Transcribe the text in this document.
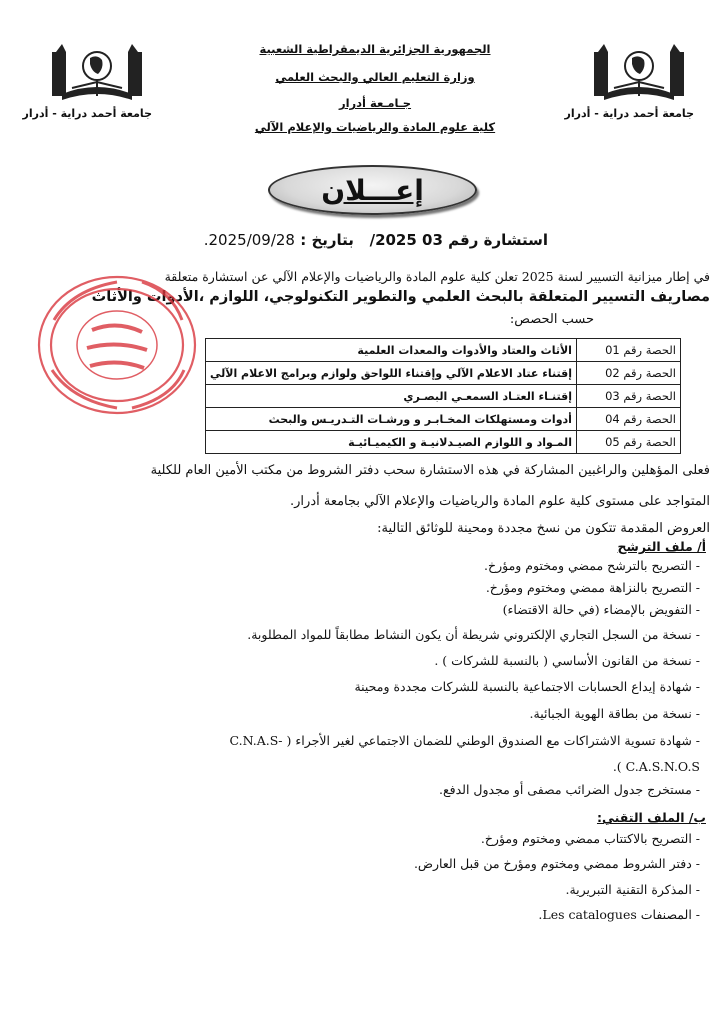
جامعة أحمد دراية - أدرار	جامعة أحمد دراية - أدرار
الجمهورية الجزائرية الديمقراطية الشعبية
وزارة التعليم العالي والبحث العلمي
جـامـعة أدرار
كلية علوم المادة والرياضيات والإعلام الآلي
إعـــلان
استشارة رقم 03 2025/   بتاريخ : 2025/09/28.
في إطار ميزانية التسيير لسنة 2025 تعلن كلية علوم المادة والرياضيات والإعلام الآلي عن استشارة متعلقة
مصاريف التسيير المتعلقة بالبحث العلمي والتطوير التكنولوجي، اللوازم ،الأدوات والأثاث
حسب الحصص:
الحصة رقم 01	الأثاث والعتاد والأدوات والمعدات العلمية
الحصة رقم 02	إقتناء عتاد الاعلام الآلي وإقتناء اللواحق ولوازم وبرامج الاعلام الآلي
الحصة رقم 03	إقتنـاء العتـاد السمعـي البصـري
الحصة رقم 04	أدوات ومستهلكات المخـابـر و ورشـات التـدريـس والبحث
الحصة رقم 05	المـواد و اللوازم الصيـدلانيـة و الكيميـائيـة
فعلى المؤهلين والراغبين المشاركة في هذه الاستشارة سحب دفتر الشروط من مكتب الأمين العام للكلية
المتواجد على مستوى كلية علوم المادة والرياضيات والإعلام الآلي بجامعة أدرار.
العروض المقدمة تتكون من نسخ مجددة ومحينة للوثائق التالية:
أ/ ملف الترشح
- التصريح بالترشح ممضي ومختوم ومؤرخ.
- التصريح بالنزاهة ممضي ومختوم ومؤرخ.
- التفويض بالإمضاء (في حالة الاقتضاء)
- نسخة من السجل التجاري الإلكتروني شريطة أن يكون النشاط مطابقاً للمواد المطلوبة.
- نسخة من القانون الأساسي ( بالنسبة للشركات ) .
- شهادة إيداع الحسابات الاجتماعية بالنسبة للشركات مجددة ومحينة
- نسخة من بطاقة الهوية الجبائية.
- شهادة تسوية الاشتراكات مع الصندوق الوطني للضمان الاجتماعي لغير الأجراء ( -C.N.A.S
C.A.S.N.O.S ).
- مستخرج جدول الضرائب مصفى أو مجدول الدفع.
ب/ الملف التقني:
- التصريح بالاكتتاب ممضي ومختوم ومؤرخ.
- دفتر الشروط ممضي ومختوم ومؤرخ من قبل العارض.
- المذكرة التقنية التبريرية.
- المصنفات Les catalogues.
